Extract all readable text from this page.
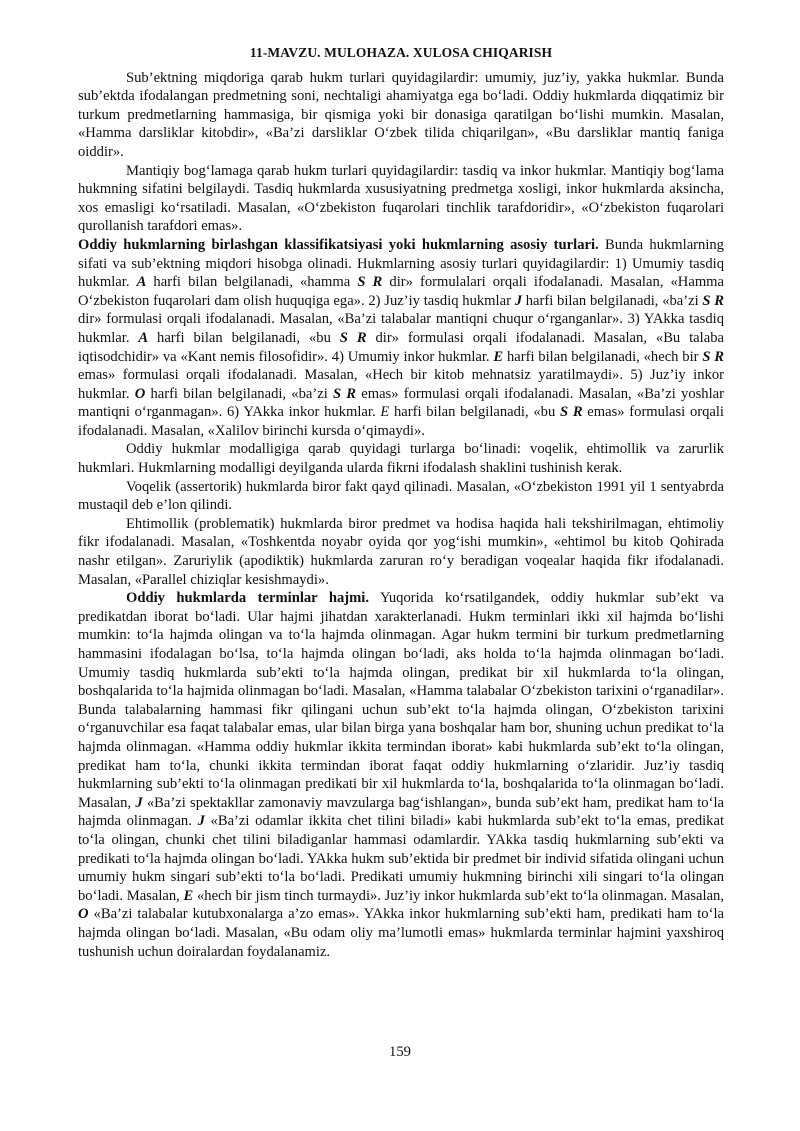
11-MAVZU. MULOHAZA. XULOSA CHIQARISH

Sub’ektning miqdoriga qarab hukm turlari quyidagilardir: umumiy, juz’iy, yakka hukmlar. Bunda sub’ektda ifodalangan predmetning soni, nechtaligi ahamiyatga ega bo‘ladi. Oddiy hukmlarda diqqatimiz bir turkum predmetlarning hammasiga, bir qismiga yoki bir donasiga qaratilgan bo‘lishi mumkin. Masalan, «Hamma darsliklar kitobdir», «Ba’zi darsliklar O‘zbek tilida chiqarilgan», «Bu darsliklar mantiq faniga oiddir».

Mantiqiy bog‘lamaga qarab hukm turlari quyidagilardir: tasdiq va inkor hukmlar. Mantiqiy bog‘lama hukmning sifatini belgilaydi. Tasdiq hukmlarda xususiyatning predmetga xosligi, inkor hukmlarda aksincha, xos emasligi ko‘rsatiladi. Masalan, «O‘zbekiston fuqarolari tinchlik tarafdoridir», «O‘zbekiston fuqarolari qurollanish tarafdori emas».

Oddiy hukmlarning birlashgan klassifikatsiyasi yoki hukmlarning asosiy turlari. Bunda hukmlarning sifati va sub’ektning miqdori hisobga olinadi. Hukmlarning asosiy turlari quyidagilardir: 1) Umumiy tasdiq hukmlar. A harfi bilan belgilanadi, «hamma S R dir» formulalari orqali ifodalanadi. Masalan, «Hamma O‘zbekiston fuqarolari dam olish huquqiga ega». 2) Juz’iy tasdiq hukmlar J harfi bilan belgilanadi, «ba’zi S R dir» formulasi orqali ifodalanadi. Masalan, «Ba’zi talabalar mantiqni chuqur o‘rganganlar». 3) YAkka tasdiq hukmlar. A harfi bilan belgilanadi, «bu S R dir» formulasi orqali ifodalanadi. Masalan, «Bu talaba iqtisodchidir» va «Kant nemis filosofidir». 4) Umumiy inkor hukmlar. E harfi bilan belgilanadi, «hech bir S R emas» formulasi orqali ifodalanadi. Masalan, «Hech bir kitob mehnatsiz yaratilmaydi». 5) Juz’iy inkor hukmlar. O harfi bilan belgilanadi, «ba’zi S R emas» formulasi orqali ifodalanadi. Masalan, «Ba’zi yoshlar mantiqni o‘rganmagan». 6) YAkka inkor hukmlar. E harfi bilan belgilanadi, «bu S R emas» formulasi orqali ifodalanadi. Masalan, «Xalilov birinchi kursda o‘qimaydi».

Oddiy hukmlar modalligiga qarab quyidagi turlarga bo‘linadi: voqelik, ehtimollik va zarurlik hukmlari. Hukmlarning modalligi deyilganda ularda fikrni ifodalash shaklini tushinish kerak.

Voqelik (assertorik) hukmlarda biror fakt qayd qilinadi. Masalan, «O‘zbekiston 1991 yil 1 sentyabrda mustaqil deb e’lon qilindi.

Ehtimollik (problematik) hukmlarda biror predmet va hodisa haqida hali tekshirilmagan, ehtimoliy fikr ifodalanadi. Masalan, «Toshkentda noyabr oyida qor yog‘ishi mumkin», «ehtimol bu kitob Qohirada nashr etilgan». Zaruriylik (apodiktik) hukmlarda zaruran ro‘y beradigan voqealar haqida fikr ifodalanadi. Masalan, «Parallel chiziqlar kesishmaydi».

Oddiy hukmlarda terminlar hajmi. Yuqorida ko‘rsatilgandek, oddiy hukmlar sub’ekt va predikatdan iborat bo‘ladi. Ular hajmi jihatdan xarakterlanadi. Hukm terminlari ikki xil hajmda bo‘lishi mumkin: to‘la hajmda olingan va to‘la hajmda olinmagan. Agar hukm termini bir turkum predmetlarning hammasini ifodalagan bo‘lsa, to‘la hajmda olingan bo‘ladi, aks holda to‘la hajmda olinmagan bo‘ladi. Umumiy tasdiq hukmlarda sub’ekti to‘la hajmda olingan, predikat bir xil hukmlarda to‘la olingan, boshqalarida to‘la hajmida olinmagan bo‘ladi. Masalan, «Hamma talabalar O‘zbekiston tarixini o‘rganadilar». Bunda talabalarning hammasi fikr qilingani uchun sub’ekt to‘la hajmda olingan, O‘zbekiston tarixini o‘rganuvchilar esa faqat talabalar emas, ular bilan birga yana boshqalar ham bor, shuning uchun predikat to‘la hajmda olinmagan. «Hamma oddiy hukmlar ikkita termindan iborat» kabi hukmlarda sub’ekt to‘la olingan, predikat ham to‘la, chunki ikkita termindan iborat faqat oddiy hukmlarning o‘zlaridir. Juz’iy tasdiq hukmlarning sub’ekti to‘la olinmagan predikati bir xil hukmlarda to‘la, boshqalarida to‘la olinmagan bo‘ladi. Masalan, J «Ba’zi spektakllar zamonaviy mavzularga bag‘ishlangan», bunda sub’ekt ham, predikat ham to‘la hajmda olinmagan. J «Ba’zi odamlar ikkita chet tilini biladi» kabi hukmlarda sub’ekt to‘la emas, predikat to‘la olingan, chunki chet tilini biladiganlar hammasi odamlardir. YAkka tasdiq hukmlarning sub’ekti va predikati to‘la hajmda olingan bo‘ladi. YAkka hukm sub’ektida bir predmet bir individ sifatida olingani uchun umumiy hukm singari sub’ekti to‘la bo‘ladi. Predikati umumiy hukmning birinchi xili singari to‘la olingan bo‘ladi. Masalan, E «hech bir jism tinch turmaydi». Juz’iy inkor hukmlarda sub’ekt to‘la olinmagan. Masalan, O «Ba’zi talabalar kutubxonalarga a’zo emas». YAkka inkor hukmlarning sub’ekti ham, predikati ham to‘la hajmda olingan bo‘ladi. Masalan, «Bu odam oliy ma’lumotli emas» hukmlarda terminlar hajmini yaxshiroq tushunish uchun doiralardan foydalanamiz.

159
